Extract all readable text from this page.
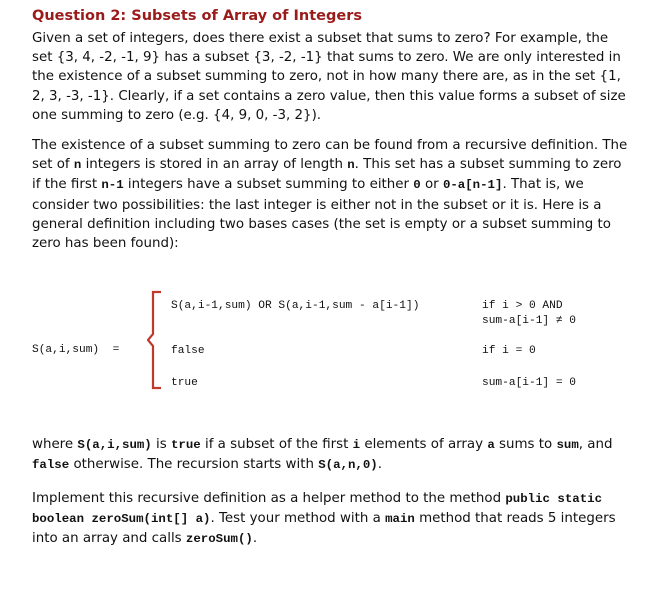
Question 2: Subsets of Array of Integers
Given a set of integers, does there exist a subset that sums to zero? For example, the set {3, 4, -2, -1, 9} has a subset {3, -2, -1} that sums to zero. We are only interested in the existence of a subset summing to zero, not in how many there are, as in the set {1, 2, 3, -3, -1}. Clearly, if a set contains a zero value, then this value forms a subset of size one summing to zero (e.g. {4, 9, 0, -3, 2}).
The existence of a subset summing to zero can be found from a recursive definition. The set of n integers is stored in an array of length n. This set has a subset summing to zero if the first n-1 integers have a subset summing to either 0 or 0-a[n-1]. That is, we consider two possibilities: the last integer is either not in the subset or it is. Here is a general definition including two bases cases (the set is empty or a subset summing to zero has been found):
S(a,i,sum)  =
S(a,i-1,sum) OR S(a,i-1,sum - a[i-1])	if i > 0 AND
sum-a[i-1] ≠ 0
false	if i = 0
true	sum-a[i-1] = 0
where S(a,i,sum) is true if a subset of the first i elements of array a sums to sum, and false otherwise. The recursion starts with S(a,n,0).
Implement this recursive definition as a helper method to the method public static boolean zeroSum(int[] a). Test your method with a main method that reads 5 integers into an array and calls zeroSum().
